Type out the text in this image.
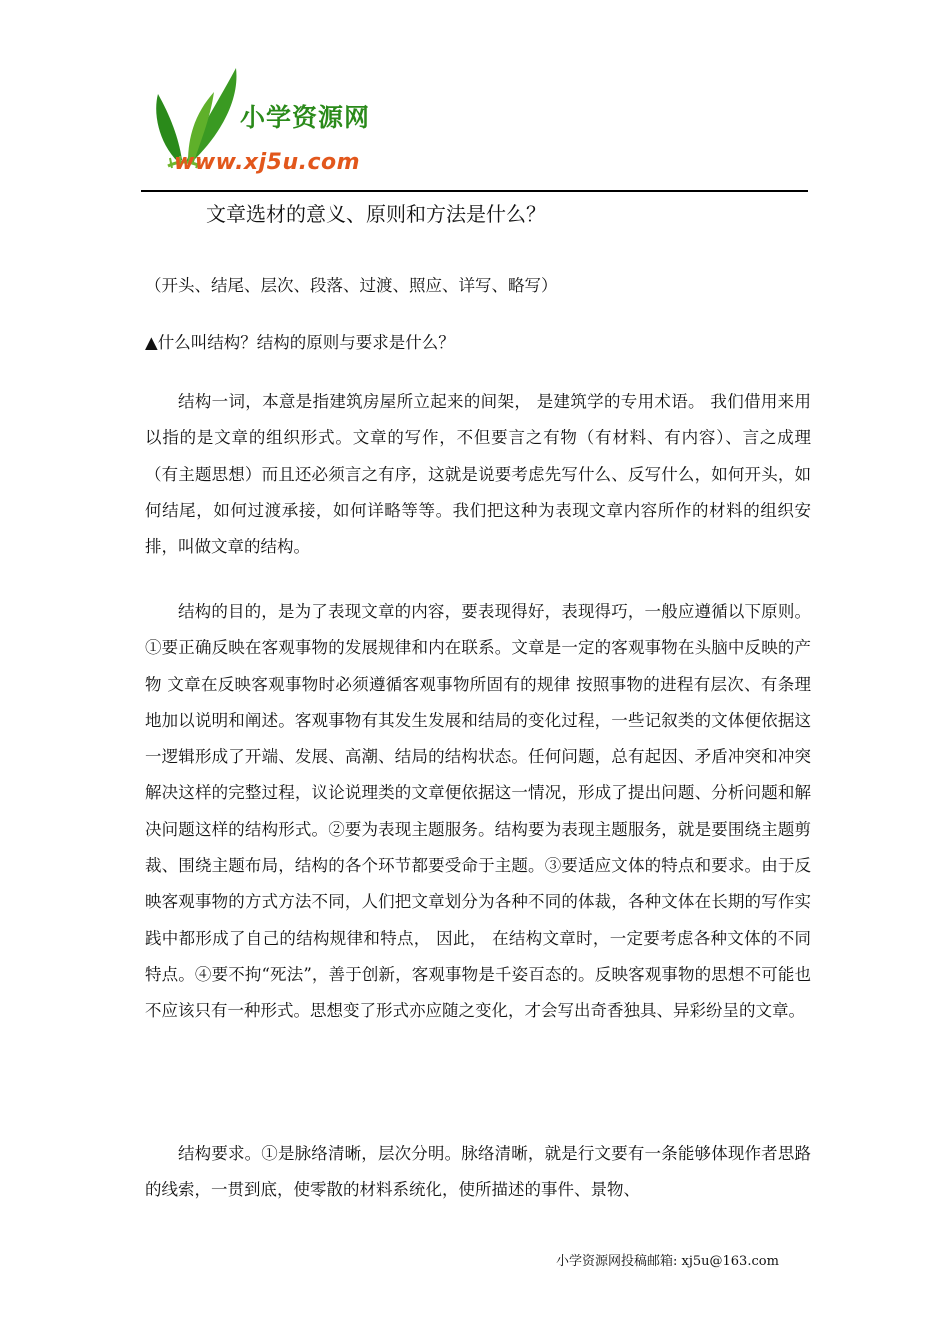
小学资源网
www.xj5u.com
文章选材的意义、原则和方法是什么？

（开头、结尾、层次、段落、过渡、照应、详写、略写）

▲什么叫结构？结构的原则与要求是什么？

结构一词，本意是指建筑房屋所立起来的间架， 是建筑学的专用术语。 我们借用来用以指的是文章的组织形式。文章的写作，不但要言之有物（有材料、有内容）、言之成理（有主题思想）而且还必须言之有序，这就是说要考虑先写什么、反写什么，如何开头，如何结尾，如何过渡承接，如何详略等等。我们把这种为表现文章内容所作的材料的组织安排，叫做文章的结构。

结构的目的，是为了表现文章的内容，要表现得好，表现得巧，一般应遵循以下原则。①要正确反映在客观事物的发展规律和内在联系。文章是一定的客观事物在头脑中反映的产物 文章在反映客观事物时必须遵循客观事物所固有的规律 按照事物的进程有层次、有条理地加以说明和阐述。客观事物有其发生发展和结局的变化过程，一些记叙类的文体便依据这一逻辑形成了开端、发展、高潮、结局的结构状态。任何问题，总有起因、矛盾冲突和冲突解决这样的完整过程，议论说理类的文章便依据这一情况，形成了提出问题、分析问题和解决问题这样的结构形式。②要为表现主题服务。结构要为表现主题服务，就是要围绕主题剪裁、围绕主题布局，结构的各个环节都要受命于主题。③要适应文体的特点和要求。由于反映客观事物的方式方法不同，人们把文章划分为各种不同的体裁，各种文体在长期的写作实践中都形成了自己的结构规律和特点， 因此， 在结构文章时，一定要考虑各种文体的不同特点。④要不拘“死法”，善于创新，客观事物是千姿百态的。反映客观事物的思想不可能也不应该只有一种形式。思想变了形式亦应随之变化，才会写出奇香独具、异彩纷呈的文章。

结构要求。①是脉络清晰，层次分明。脉络清晰，就是行文要有一条能够体现作者思路的线索，一贯到底，使零散的材料系统化，使所描述的事件、景物、

小学资源网投稿邮箱: xj5u@163.com
